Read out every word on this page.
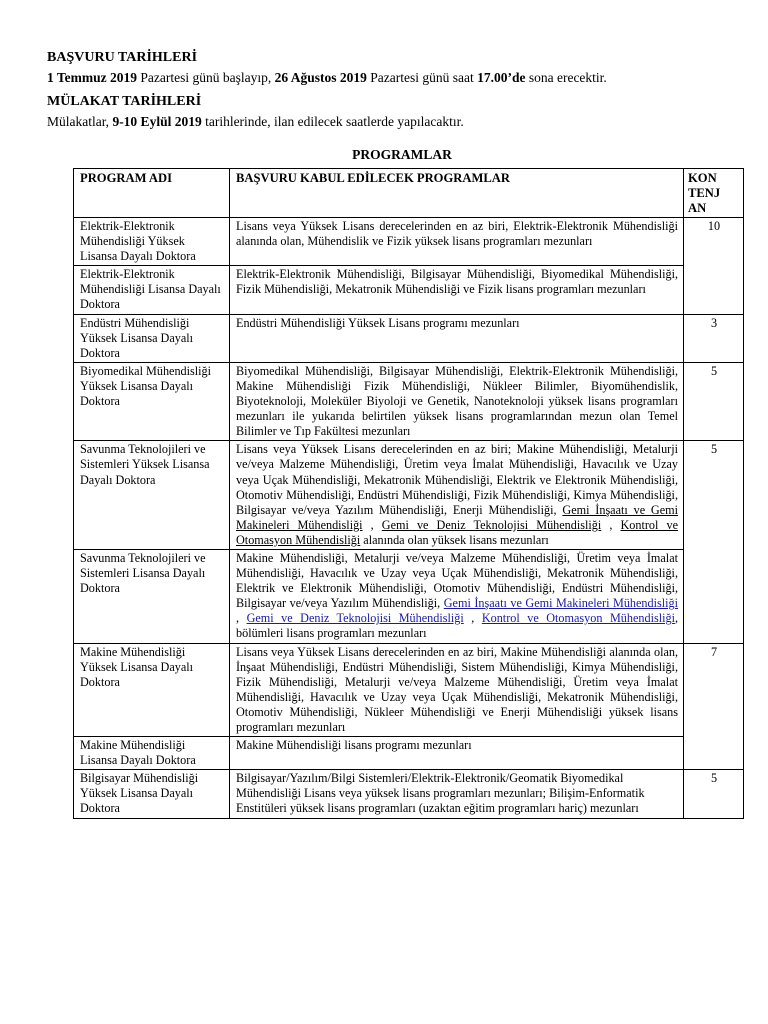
BAŞVURU TARİHLERİ

1 Temmuz 2019 Pazartesi günü başlayıp, 26 Ağustos 2019 Pazartesi günü saat 17.00’de sona erecektir.

MÜLAKAT TARİHLERİ

Mülakatlar, 9-10 Eylül 2019 tarihlerinde, ilan edilecek saatlerde yapılacaktır.

PROGRAMLAR
PROGRAM ADI	BAŞVURU KABUL EDİLECEK PROGRAMLAR	KON
TENJ
AN
Elektrik-Elektronik Mühendisliği Yüksek Lisansa Dayalı Doktora	Lisans veya Yüksek Lisans derecelerinden en az biri, Elektrik-Elektronik Mühendisliği alanında olan, Mühendislik ve Fizik yüksek lisans programları mezunları	10
Elektrik-Elektronik Mühendisliği Lisansa Dayalı Doktora	Elektrik-Elektronik Mühendisliği, Bilgisayar Mühendisliği, Biyomedikal Mühendisliği, Fizik Mühendisliği, Mekatronik Mühendisliği ve Fizik lisans programları mezunları	
Endüstri Mühendisliği Yüksek Lisansa Dayalı Doktora	Endüstri Mühendisliği Yüksek Lisans programı mezunları	3
Biyomedikal Mühendisliği Yüksek Lisansa Dayalı Doktora	Biyomedikal Mühendisliği, Bilgisayar Mühendisliği, Elektrik-Elektronik Mühendisliği, Makine Mühendisliği Fizik Mühendisliği, Nükleer Bilimler, Biyomühendislik, Biyoteknoloji, Moleküler Biyoloji ve Genetik, Nanoteknoloji yüksek lisans programları mezunları ile yukarıda belirtilen yüksek lisans programlarından mezun olan Temel Bilimler ve Tıp Fakültesi mezunları	5
Savunma Teknolojileri ve Sistemleri Yüksek Lisansa Dayalı Doktora	Lisans veya Yüksek Lisans derecelerinden en az biri; Makine Mühendisliği, Metalurji ve/veya Malzeme Mühendisliği, Üretim veya İmalat Mühendisliği, Havacılık ve Uzay veya Uçak Mühendisliği, Mekatronik Mühendisliği, Elektrik ve Elektronik Mühendisliği, Otomotiv Mühendisliği, Endüstri Mühendisliği, Fizik Mühendisliği, Kimya Mühendisliği, Bilgisayar ve/veya Yazılım Mühendisliği, Enerji Mühendisliği, Gemi İnşaatı ve Gemi Makineleri Mühendisliği , Gemi ve Deniz Teknolojisi Mühendisliği , Kontrol ve Otomasyon Mühendisliği alanında olan yüksek lisans mezunları	5
Savunma Teknolojileri ve Sistemleri Lisansa Dayalı Doktora	Makine Mühendisliği, Metalurji ve/veya Malzeme Mühendisliği, Üretim veya İmalat Mühendisliği, Havacılık ve Uzay veya Uçak Mühendisliği, Mekatronik Mühendisliği, Elektrik ve Elektronik Mühendisliği, Otomotiv Mühendisliği, Endüstri Mühendisliği, Bilgisayar ve/veya Yazılım Mühendisliği, Gemi İnşaatı ve Gemi Makineleri Mühendisliği , Gemi ve Deniz Teknolojisi Mühendisliği , Kontrol ve Otomasyon Mühendisliği, bölümleri lisans programları mezunları	
Makine Mühendisliği Yüksek Lisansa Dayalı Doktora	Lisans veya Yüksek Lisans derecelerinden en az biri, Makine Mühendisliği alanında olan, İnşaat Mühendisliği, Endüstri Mühendisliği, Sistem Mühendisliği, Kimya Mühendisliği, Fizik Mühendisliği, Metalurji ve/veya Malzeme Mühendisliği, Üretim veya İmalat Mühendisliği, Havacılık ve Uzay veya Uçak Mühendisliği, Mekatronik Mühendisliği, Otomotiv Mühendisliği, Nükleer Mühendisliği ve Enerji Mühendisliği yüksek lisans programları mezunları	7
Makine Mühendisliği Lisansa Dayalı Doktora	Makine Mühendisliği lisans programı mezunları	
Bilgisayar Mühendisliği Yüksek Lisansa Dayalı Doktora	Bilgisayar/Yazılım/Bilgi Sistemleri/Elektrik-Elektronik/Geomatik Biyomedikal Mühendisliği Lisans veya yüksek lisans programları mezunları; Bilişim-Enformatik Enstitüleri yüksek lisans programları (uzaktan eğitim programları hariç) mezunları	5
